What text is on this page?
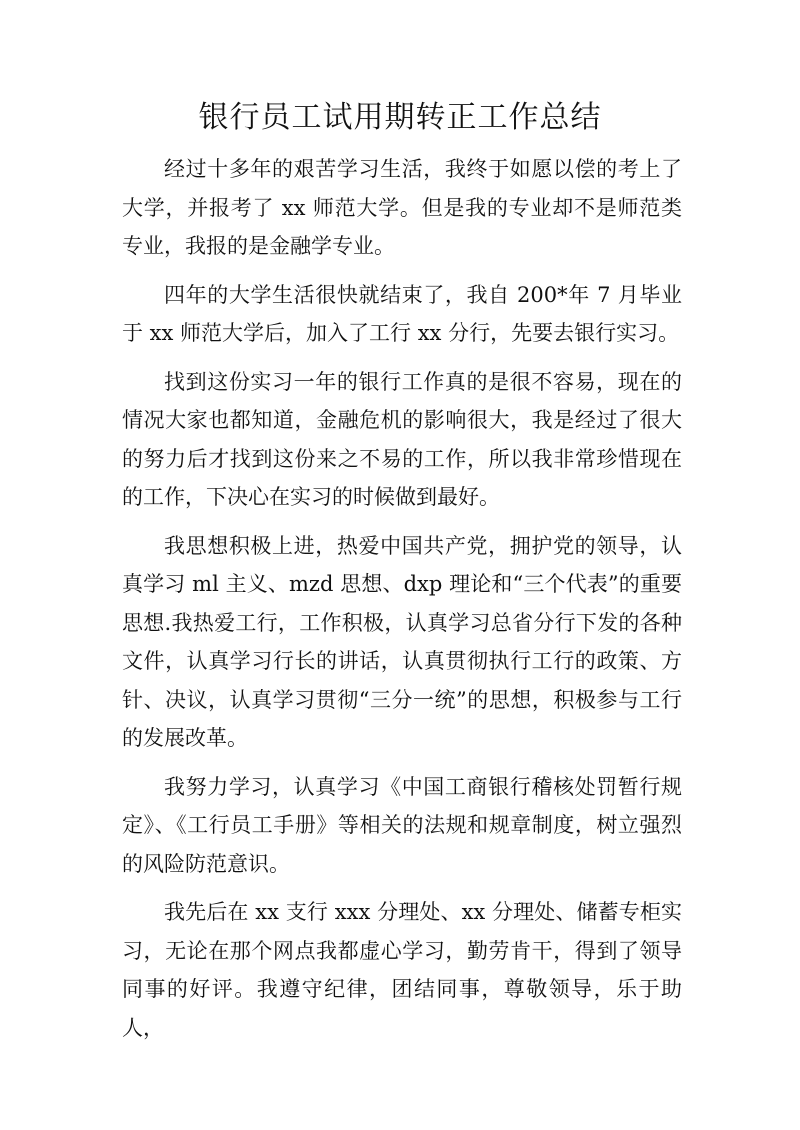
银行员工试用期转正工作总结

经过十多年的艰苦学习生活，我终于如愿以偿的考上了大学，并报考了 xx 师范大学。但是我的专业却不是师范类专业，我报的是金融学专业。

四年的大学生活很快就结束了，我自 200*年 7 月毕业于 xx 师范大学后，加入了工行 xx 分行，先要去银行实习。

找到这份实习一年的银行工作真的是很不容易，现在的情况大家也都知道，金融危机的影响很大，我是经过了很大的努力后才找到这份来之不易的工作，所以我非常珍惜现在的工作，下决心在实习的时候做到最好。

我思想积极上进，热爱中国共产党，拥护党的领导，认真学习 ml 主义、mzd 思想、dxp 理论和“三个代表”的重要思想.我热爱工行，工作积极，认真学习总省分行下发的各种文件，认真学习行长的讲话，认真贯彻执行工行的政策、方针、决议，认真学习贯彻“三分一统”的思想，积极参与工行的发展改革。

我努力学习，认真学习《中国工商银行稽核处罚暂行规定》、《工行员工手册》等相关的法规和规章制度，树立强烈的风险防范意识。

我先后在 xx 支行 xxx 分理处、xx 分理处、储蓄专柜实习，无论在那个网点我都虚心学习，勤劳肯干，得到了领导同事的好评。我遵守纪律，团结同事，尊敬领导，乐于助人，
